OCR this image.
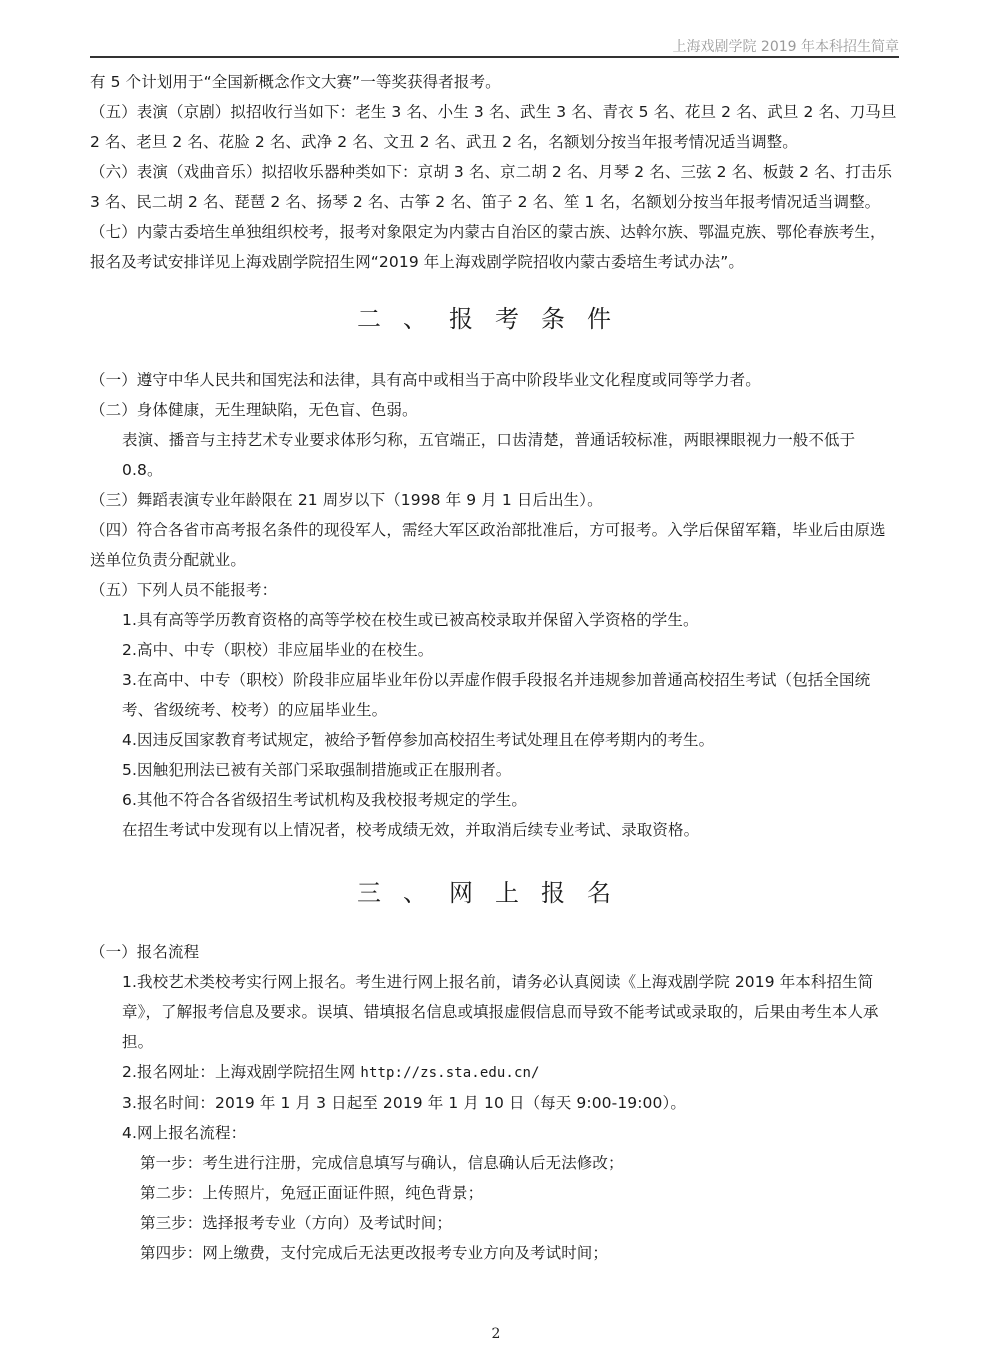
上海戏剧学院 2019 年本科招生简章

有 5 个计划用于“全国新概念作文大赛”一等奖获得者报考。

（五）表演（京剧）拟招收行当如下：老生 3 名、小生 3 名、武生 3 名、青衣 5 名、花旦 2 名、武旦 2 名、刀马旦 2 名、老旦 2 名、花脸 2 名、武净 2 名、文丑 2 名、武丑 2 名，名额划分按当年报考情况适当调整。

（六）表演（戏曲音乐）拟招收乐器种类如下：京胡 3 名、京二胡 2 名、月琴 2 名、三弦 2 名、板鼓 2 名、打击乐 3 名、民二胡 2 名、琵琶 2 名、扬琴 2 名、古筝 2 名、笛子 2 名、笙 1 名，名额划分按当年报考情况适当调整。

（七）内蒙古委培生单独组织校考，报考对象限定为内蒙古自治区的蒙古族、达斡尔族、鄂温克族、鄂伦春族考生，报名及考试安排详见上海戏剧学院招生网“2019 年上海戏剧学院招收内蒙古委培生考试办法”。

二、报考条件

（一）遵守中华人民共和国宪法和法律，具有高中或相当于高中阶段毕业文化程度或同等学力者。

（二）身体健康，无生理缺陷，无色盲、色弱。

表演、播音与主持艺术专业要求体形匀称，五官端正，口齿清楚，普通话较标准，两眼裸眼视力一般不低于 0.8。

（三）舞蹈表演专业年龄限在 21 周岁以下（1998 年 9 月 1 日后出生）。

（四）符合各省市高考报名条件的现役军人，需经大军区政治部批准后，方可报考。入学后保留军籍，毕业后由原选送单位负责分配就业。

（五）下列人员不能报考：

1.具有高等学历教育资格的高等学校在校生或已被高校录取并保留入学资格的学生。

2.高中、中专（职校）非应届毕业的在校生。

3.在高中、中专（职校）阶段非应届毕业年份以弄虚作假手段报名并违规参加普通高校招生考试（包括全国统考、省级统考、校考）的应届毕业生。

4.因违反国家教育考试规定，被给予暂停参加高校招生考试处理且在停考期内的考生。

5.因触犯刑法已被有关部门采取强制措施或正在服刑者。

6.其他不符合各省级招生考试机构及我校报考规定的学生。

在招生考试中发现有以上情况者，校考成绩无效，并取消后续专业考试、录取资格。

三、网上报名

（一）报名流程

1.我校艺术类校考实行网上报名。考生进行网上报名前，请务必认真阅读《上海戏剧学院 2019 年本科招生简章》，了解报考信息及要求。误填、错填报名信息或填报虚假信息而导致不能考试或录取的，后果由考生本人承担。

2.报名网址：上海戏剧学院招生网 http://zs.sta.edu.cn/

3.报名时间：2019 年 1 月 3 日起至 2019 年 1 月 10 日（每天 9:00-19:00）。

4.网上报名流程：

第一步：考生进行注册，完成信息填写与确认，信息确认后无法修改；

第二步：上传照片，免冠正面证件照，纯色背景；

第三步：选择报考专业（方向）及考试时间；

第四步：网上缴费，支付完成后无法更改报考专业方向及考试时间；

2
